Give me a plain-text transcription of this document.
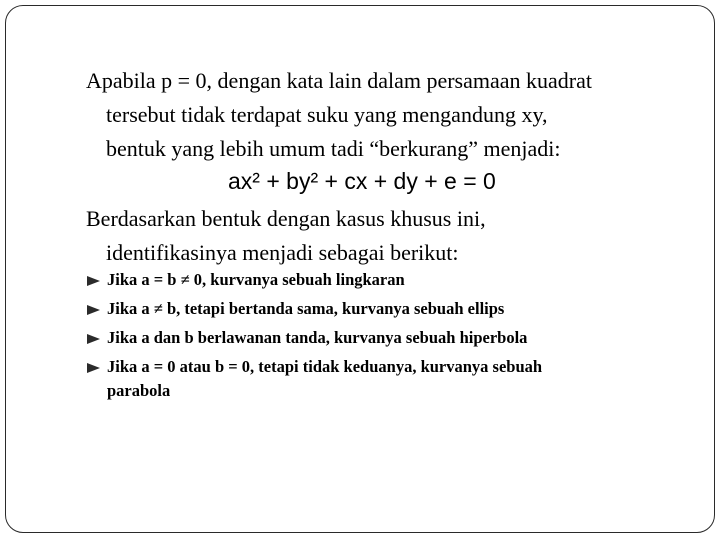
Apabila p = 0, dengan kata lain dalam persamaan kuadrat
tersebut tidak terdapat suku yang mengandung xy,
bentuk yang lebih umum tadi “berkurang” menjadi:
ax² + by² + cx + dy + e = 0
Berdasarkan bentuk dengan kasus khusus ini,
identifikasinya menjadi sebagai berikut:
Jika a = b ≠ 0, kurvanya sebuah lingkaran
Jika a ≠ b, tetapi bertanda sama, kurvanya sebuah ellips
Jika a dan b berlawanan tanda, kurvanya sebuah hiperbola
Jika a = 0 atau b = 0, tetapi tidak keduanya, kurvanya sebuah
parabola
